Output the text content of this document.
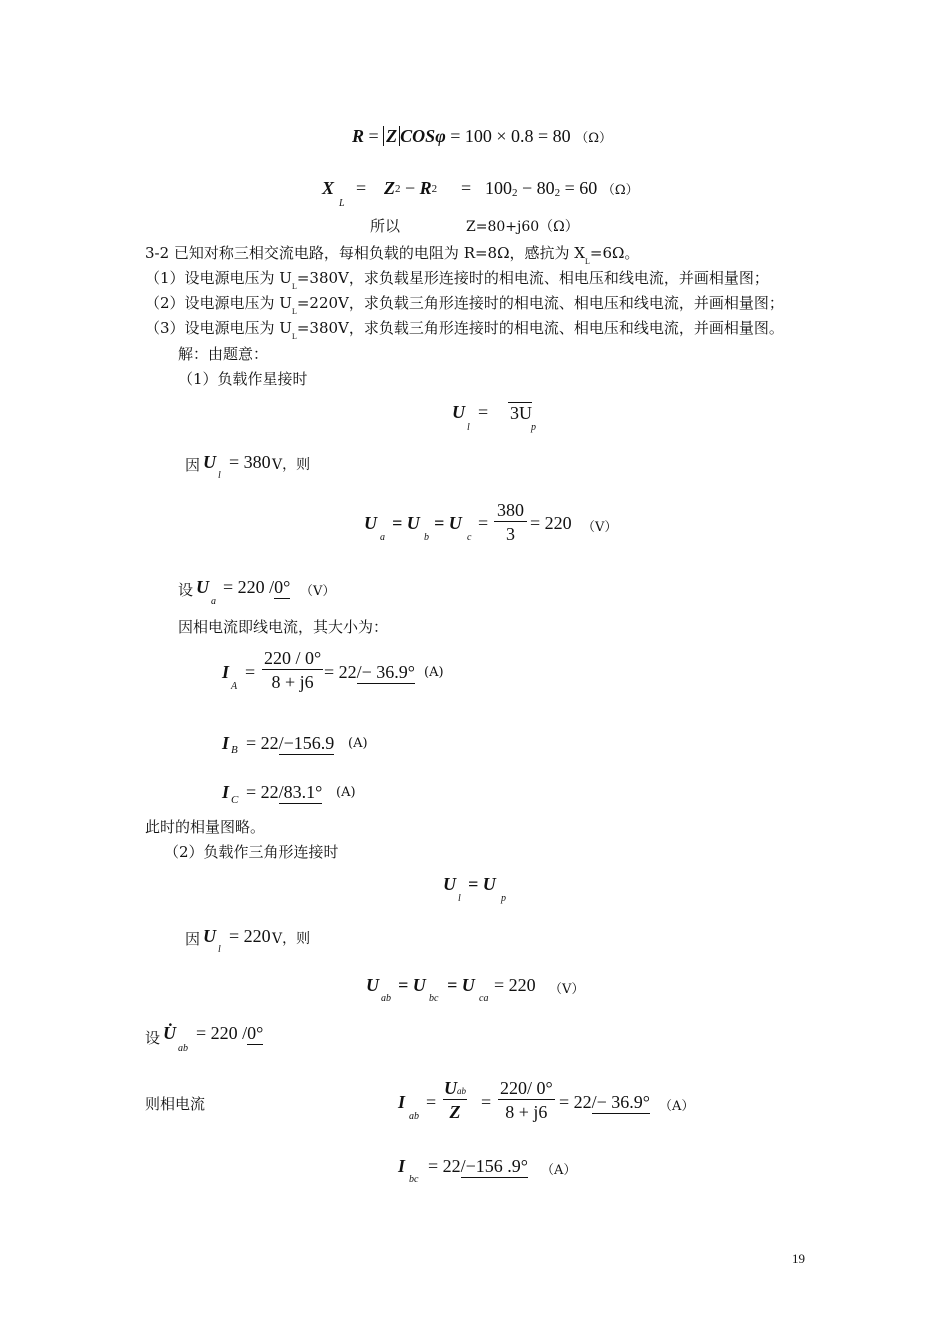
R = Z COSφ = 100 × 0.8 = 80 （Ω）
X
L
= Z2 − R2 = 1002 − 802 = 60 （Ω）
所以	Z=80+j60（Ω）
3-2 已知对称三相交流电路，每相负载的电阻为 R=8Ω，感抗为 $X_L=6\Omega$。
（1）设电源电压为 $U_L=380V$，求负载星形连接时的相电流、相电压和线电流，并画相量图；
（2）设电源电压为 $U_L=220V$，求负载三角形连接时的相电流、相电压和线电流，并画相量图；
（3）设电源电压为 $U_L=380V$，求负载三角形连接时的相电流、相电压和线电流，并画相量图。
解：由题意：
（1）负载作星接时
U
l
= 3U
p
因 U
l
= 380 V，则
U
a
= U
b
= U
c
=
380
3
= 220 （V）
设 U
a
= 220 /0° （V）
因相电流即线电流，其大小为：
I
A
=
220 / 0°
8 + j6 = 22/− 36.9° (A)
I B = 22/−156.9 (A)
I C = 22/83.1° (A)
此时的相量图略。
（2）负载作三角形连接时
U
l
= U
p
因 U
l
= 220 V，则
U
ab
= U
bc
= U
ca
= 220 （V）
设 U̇
ab
= 220 /0°
则相电流	I
ab
=
Uab
Z	=
220/ 0°
8 + j6 = 22/− 36.9° （A）
I
bc
= 22/−156 .9° （A）
19
